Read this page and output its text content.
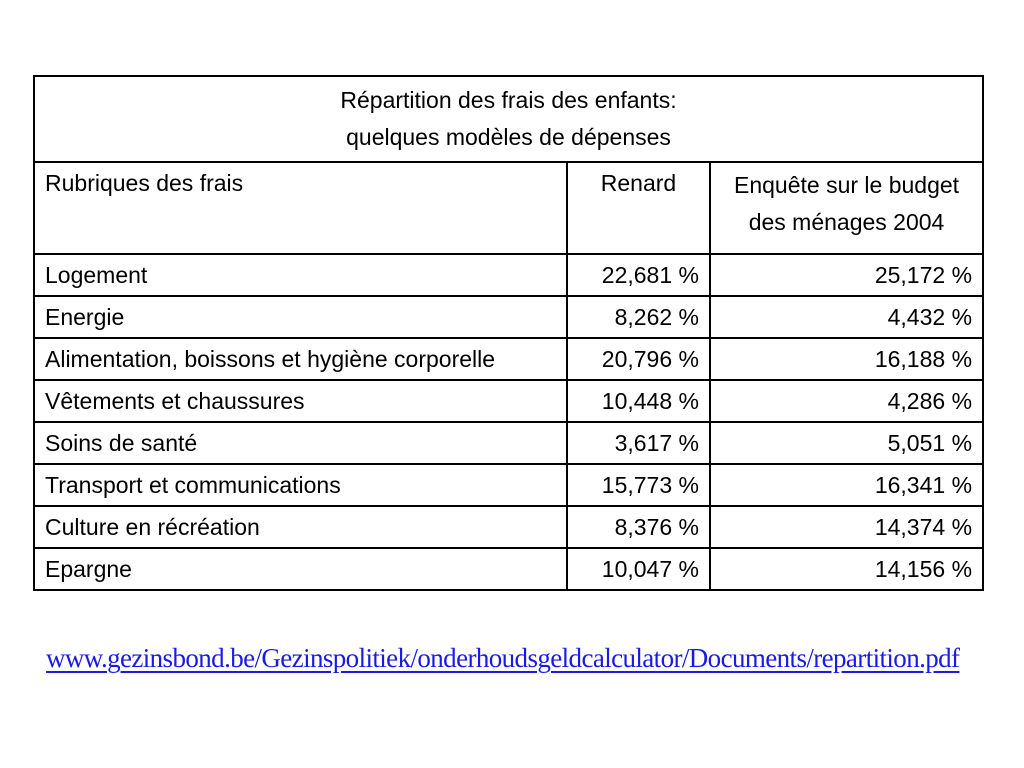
Répartition des frais des enfants:
quelques modèles de dépenses		

Rubriques des frais	Renard	Enquête sur le budget
des ménages 2004

Logement	22,681 %	25,172 %
Energie	8,262 %	4,432 %
Alimentation, boissons et hygiène corporelle	20,796 %	16,188 %
Vêtements et chaussures	10,448 %	4,286 %
Soins de santé	3,617 %	5,051 %
Transport et communications	15,773 %	16,341 %
Culture en récréation	8,376 %	14,374 %
Epargne	10,047 %	14,156 %
www.gezinsbond.be/Gezinspolitiek/onderhoudsgeldcalculator/Documents/repartition.pdf
